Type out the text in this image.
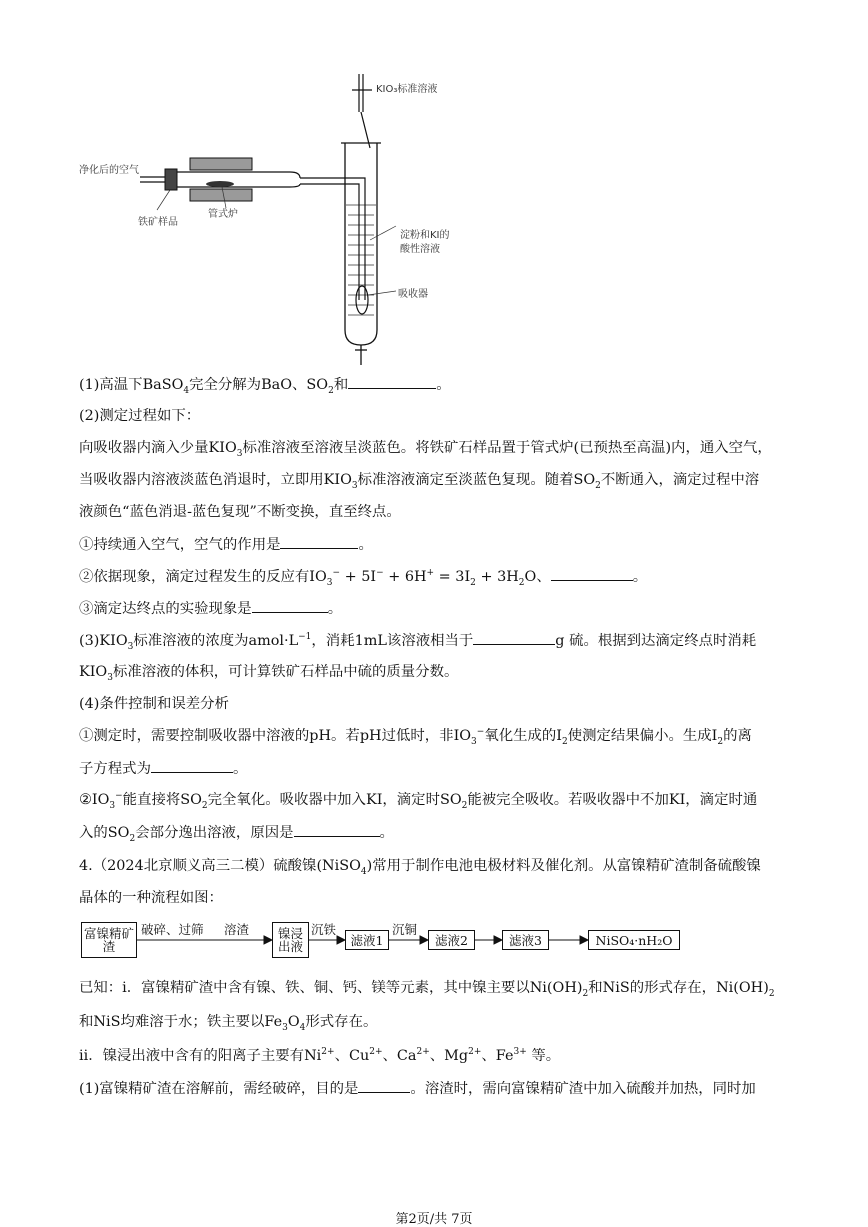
KIO₃标准溶液
净化后的空气
铁矿样品
管式炉
淀粉和KI的
酸性溶液
吸收器
(1)高温下BaSO$_4$完全分解为BaO、$SO_2$和	。
(2)测定过程如下：
向吸收器内滴入少量$KIO_3$标准溶液至溶液呈淡蓝色。将铁矿石样品置于管式炉(已预热至高温)内，通入空气，
当吸收器内溶液淡蓝色消退时，立即用$KIO_3$标准溶液滴定至淡蓝色复现。随着$SO_2$不断通入，滴定过程中溶
液颜色“蓝色消退-蓝色复现”不断变换，直至终点。
①持续通入空气，空气的作用是	。
②依据现象，滴定过程发生的反应有$IO_3^- + 5I^- + 6H^+ = 3I_2 + 3H_2O$、	。
③滴定达终点的实验现象是	。
$(3)KIO_3$标准溶液的浓度为$amol\cdot L^{-1}$，消耗1mL该溶液相当于	g 硫。根据到达滴定终点时消耗
$KIO_3$标准溶液的体积，可计算铁矿石样品中硫的质量分数。
(4)条件控制和误差分析
①测定时，需要控制吸收器中溶液的pH。若pH过低时，非$IO_3^-$氧化生成的$I_2$使测定结果偏小。生成$I_2$的离
子方程式为	。
$②IO_3^-$能直接将$SO_2$完全氧化。吸收器中加入KI，滴定时$SO_2$能被完全吸收。若吸收器中不加KI，滴定时通
入的$SO_2$会部分逸出溶液，原因是	。
4.（2024北京顺义高三二模）硫酸镍(NiSO$_4$)常用于制作电池电极材料及催化剂。从富镍精矿渣制备硫酸镍
晶体的一种流程如图：
富镍精矿渣
破碎、过筛 溶渣	镍浸出液
沉铁
滤液1
沉铜
滤液2	滤液3	NiSO₄·nH₂O
已知：i．富镍精矿渣中含有镍、铁、铜、钙、镁等元素，其中镍主要以$Ni(OH)_2$和NiS的形式存在，$Ni(OH)_2$
和NiS均难溶于水；铁主要以$Fe_3O_4$形式存在。
ⅱ．镍浸出液中含有的阳离子主要有$Ni^{2+}$、$Cu^{2+}$、$Ca^{2+}$、$Mg^{2+}$、$Fe^{3+}$ 等。
(1)富镍精矿渣在溶解前，需经破碎，目的是	。溶渣时，需向富镍精矿渣中加入硫酸并加热，同时加
第2页/共 7页
